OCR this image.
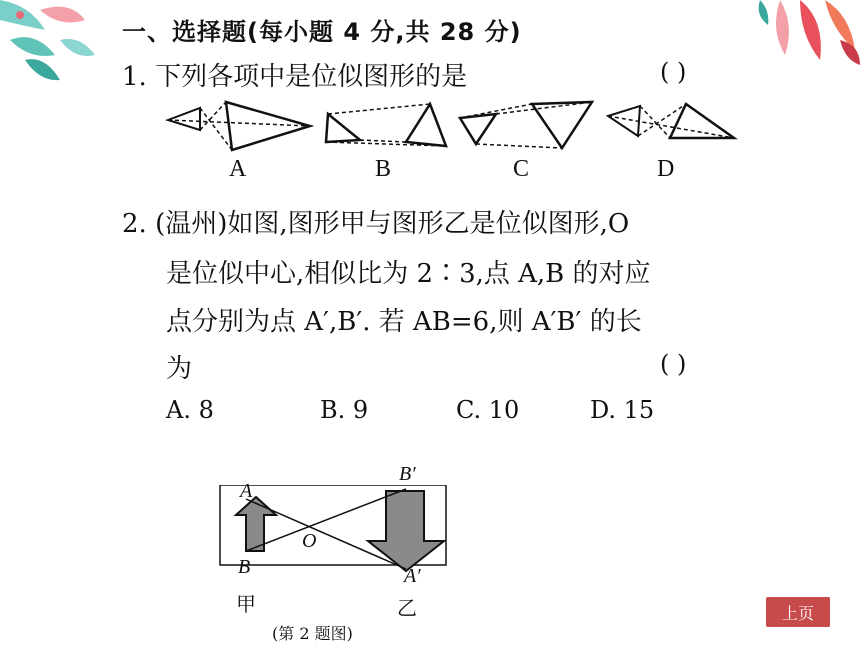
一、选择题(每小题 4 分,共 28 分)
1. 下列各项中是位似图形的是	( )
A	B	C	D
2. (温州)如图,图形甲与图形乙是位似图形,O
是位似中心,相似比为 2∶3,点 A,B 的对应
点分别为点 A′,B′. 若 AB=6,则 A′B′ 的长
为	( )
A. 8	B. 9	C. 10	D. 15
A
B
O
B′
A′
甲	乙
(第 2 题图)
上页
